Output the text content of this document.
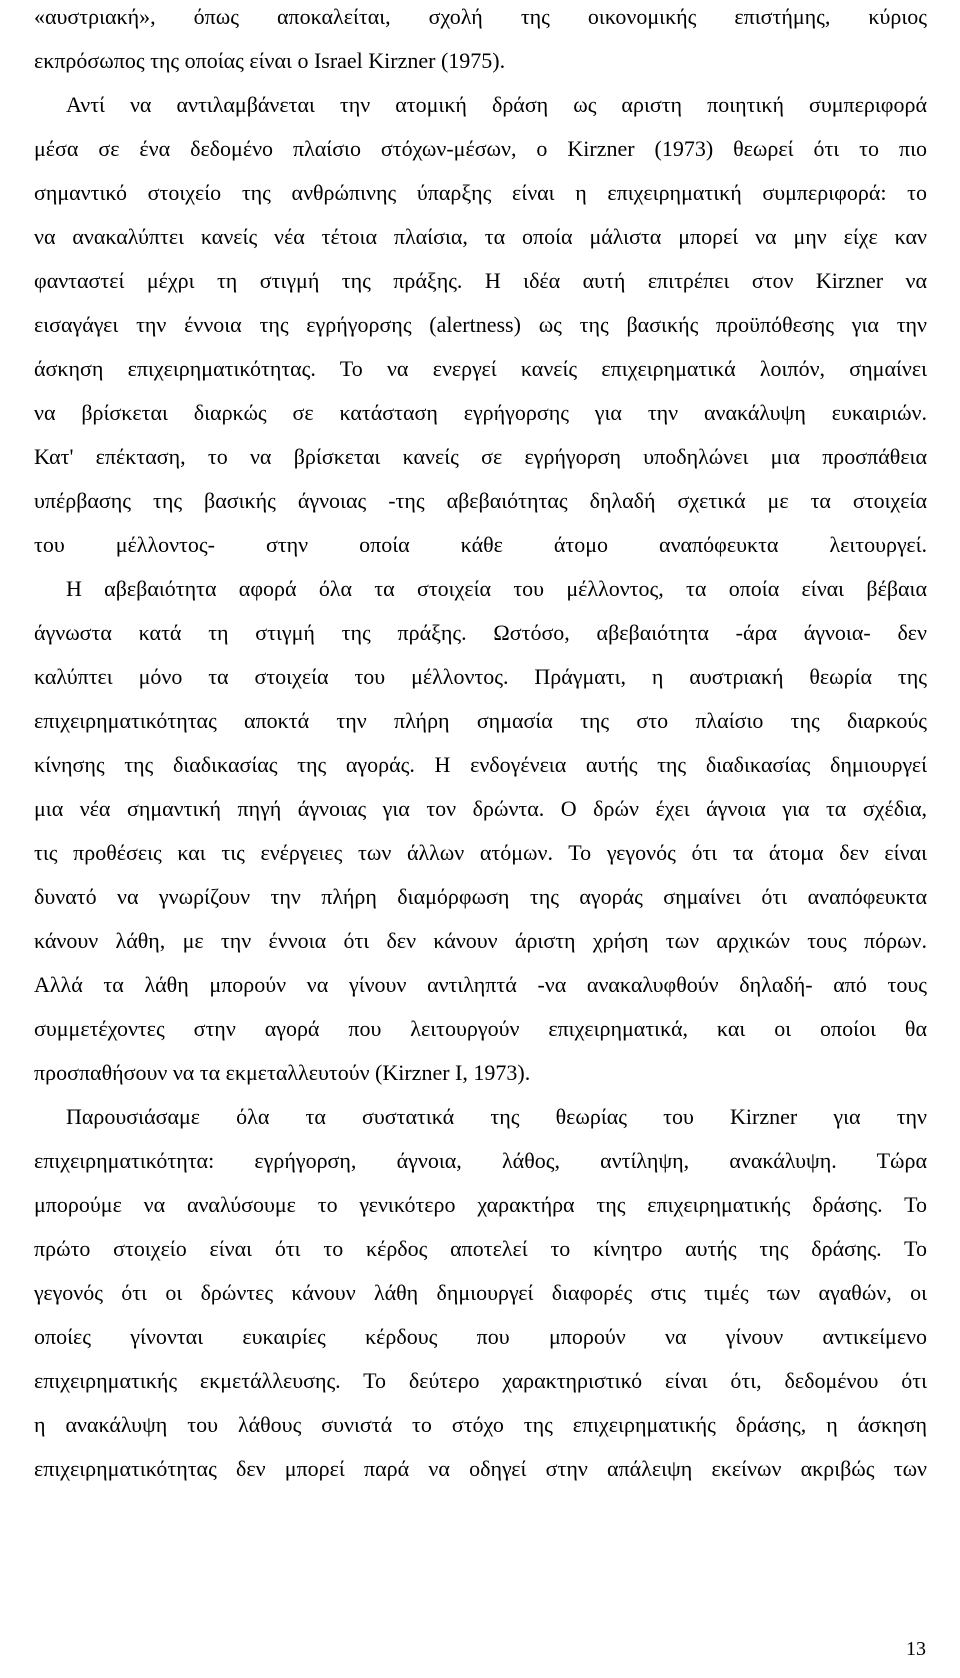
«αυστριακή», όπως αποκαλείται, σχολή της οικονομικής επιστήμης, κύριος
εκπρόσωπος της οποίας είναι ο Israel Kirzner (1975).
Αντί να αντιλαμβάνεται την ατομική δράση ως αριστη ποιητική συμπεριφορά
μέσα σε ένα δεδομένο πλαίσιο στόχων-μέσων, ο Kirzner (1973) θεωρεί ότι το πιο
σημαντικό στοιχείο της ανθρώπινης ύπαρξης είναι η επιχειρηματική συμπεριφορά: το
να ανακαλύπτει κανείς νέα τέτοια πλαίσια, τα οποία μάλιστα μπορεί να μην είχε καν
φανταστεί μέχρι τη στιγμή της πράξης. Η ιδέα αυτή επιτρέπει στον Kirzner να
εισαγάγει την έννοια της εγρήγορσης (alertness) ως της βασικής προϋπόθεσης για την
άσκηση επιχειρηματικότητας. Το να ενεργεί κανείς επιχειρηματικά λοιπόν, σημαίνει
να βρίσκεται διαρκώς σε κατάσταση εγρήγορσης για την ανακάλυψη ευκαιριών.
Κατ' επέκταση, το να βρίσκεται κανείς σε εγρήγορση υποδηλώνει μια προσπάθεια
υπέρβασης της βασικής άγνοιας -της αβεβαιότητας δηλαδή σχετικά με τα στοιχεία
του μέλλοντος- στην οποία κάθε άτομο αναπόφευκτα λειτουργεί.
Η αβεβαιότητα αφορά όλα τα στοιχεία του μέλλοντος, τα οποία είναι βέβαια
άγνωστα κατά τη στιγμή της πράξης. Ωστόσο, αβεβαιότητα -άρα άγνοια- δεν
καλύπτει μόνο τα στοιχεία του μέλλοντος. Πράγματι, η αυστριακή θεωρία της
επιχειρηματικότητας αποκτά την πλήρη σημασία της στο πλαίσιο της διαρκούς
κίνησης της διαδικασίας της αγοράς. Η ενδογένεια αυτής της διαδικασίας δημιουργεί
μια νέα σημαντική πηγή άγνοιας για τον δρώντα. Ο δρών έχει άγνοια για τα σχέδια,
τις προθέσεις και τις ενέργειες των άλλων ατόμων. Το γεγονός ότι τα άτομα δεν είναι
δυνατό να γνωρίζουν την πλήρη διαμόρφωση της αγοράς σημαίνει ότι αναπόφευκτα
κάνουν λάθη, με την έννοια ότι δεν κάνουν άριστη χρήση των αρχικών τους πόρων.
Αλλά τα λάθη μπορούν να γίνουν αντιληπτά -να ανακαλυφθούν δηλαδή- από τους
συμμετέχοντες στην αγορά που λειτουργούν επιχειρηματικά, και οι οποίοι θα
προσπαθήσουν να τα εκμεταλλευτούν (Kirzner I, 1973).
Παρουσιάσαμε όλα τα συστατικά της θεωρίας του Kirzner για την
επιχειρηματικότητα: εγρήγορση, άγνοια, λάθος, αντίληψη, ανακάλυψη. Τώρα
μπορούμε να αναλύσουμε το γενικότερο χαρακτήρα της επιχειρηματικής δράσης. Το
πρώτο στοιχείο είναι ότι το κέρδος αποτελεί το κίνητρο αυτής της δράσης. Το
γεγονός ότι οι δρώντες κάνουν λάθη δημιουργεί διαφορές στις τιμές των αγαθών, οι
οποίες γίνονται ευκαιρίες κέρδους που μπορούν να γίνουν αντικείμενο
επιχειρηματικής εκμετάλλευσης. Το δεύτερο χαρακτηριστικό είναι ότι, δεδομένου ότι
η ανακάλυψη του λάθους συνιστά το στόχο της επιχειρηματικής δράσης, η άσκηση
επιχειρηματικότητας δεν μπορεί παρά να οδηγεί στην απάλειψη εκείνων ακριβώς των
13
